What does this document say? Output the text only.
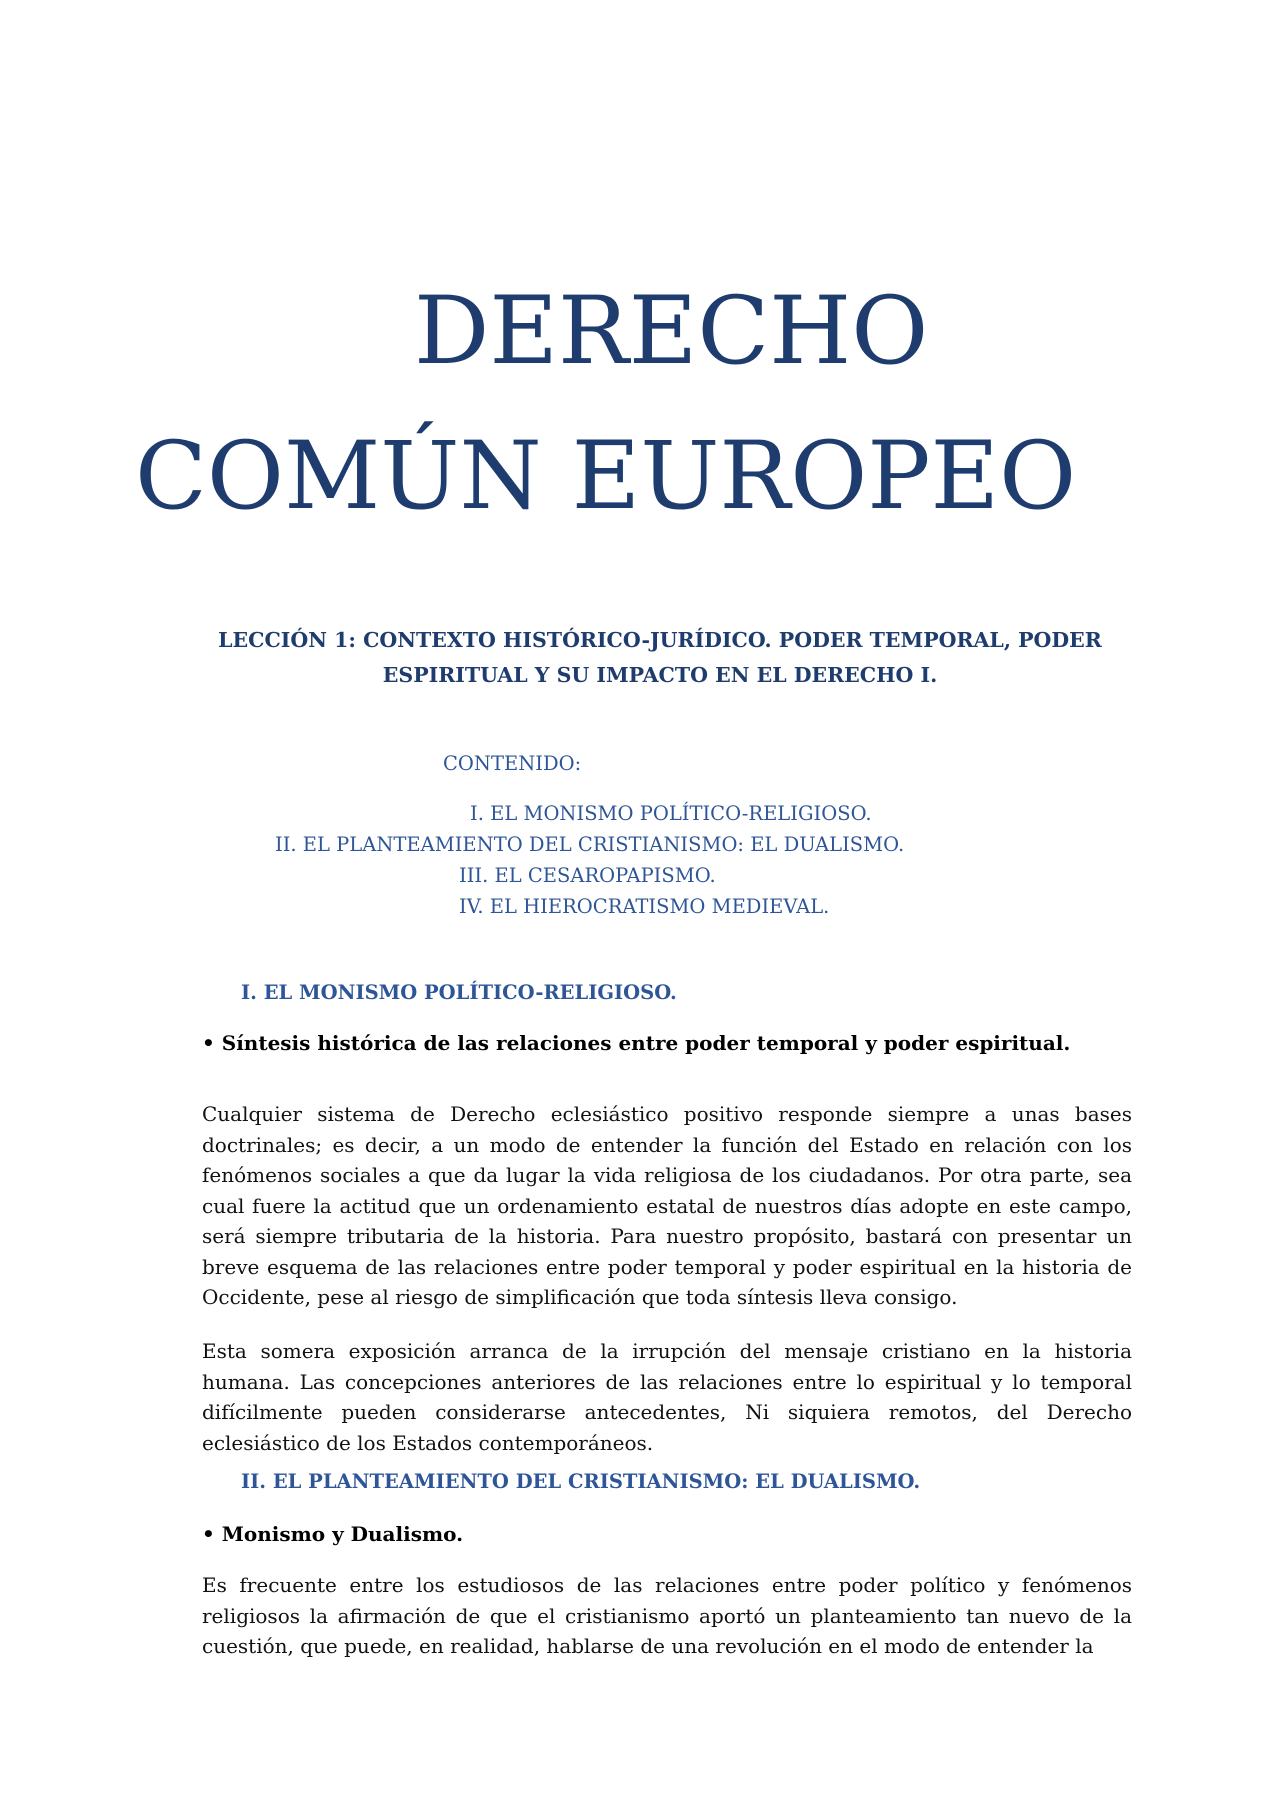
DERECHO
COMÚN EUROPEO
LECCIÓN 1: CONTEXTO HISTÓRICO-JURÍDICO. PODER TEMPORAL, PODER
ESPIRITUAL Y SU IMPACTO EN EL DERECHO I.
CONTENIDO:
I. EL MONISMO POLÍTICO-RELIGIOSO.
II. EL PLANTEAMIENTO DEL CRISTIANISMO: EL DUALISMO.
III. EL CESAROPAPISMO.
IV. EL HIEROCRATISMO MEDIEVAL.
I. EL MONISMO POLÍTICO-RELIGIOSO.
• Síntesis histórica de las relaciones entre poder temporal y poder espiritual.

Cualquier sistema de Derecho eclesiástico positivo responde siempre a unas bases doctrinales; es decir, a un modo de entender la función del Estado en relación con los fenómenos sociales a que da lugar la vida religiosa de los ciudadanos. Por otra parte, sea cual fuere la actitud que un ordenamiento estatal de nuestros días adopte en este campo, será siempre tributaria de la historia. Para nuestro propósito, bastará con presentar un breve esquema de las relaciones entre poder temporal y poder espiritual en la historia de Occidente, pese al riesgo de simplificación que toda síntesis lleva consigo.

Esta somera exposición arranca de la irrupción del mensaje cristiano en la historia humana. Las concepciones anteriores de las relaciones entre lo espiritual y lo temporal difícilmente pueden considerarse antecedentes, Ni siquiera remotos, del Derecho eclesiástico de los Estados contemporáneos.

II. EL PLANTEAMIENTO DEL CRISTIANISMO: EL DUALISMO.
• Monismo y Dualismo.

Es frecuente entre los estudiosos de las relaciones entre poder político y fenómenos religiosos la afirmación de que el cristianismo aportó un planteamiento tan nuevo de la cuestión, que puede, en realidad, hablarse de una revolución en el modo de entender la
